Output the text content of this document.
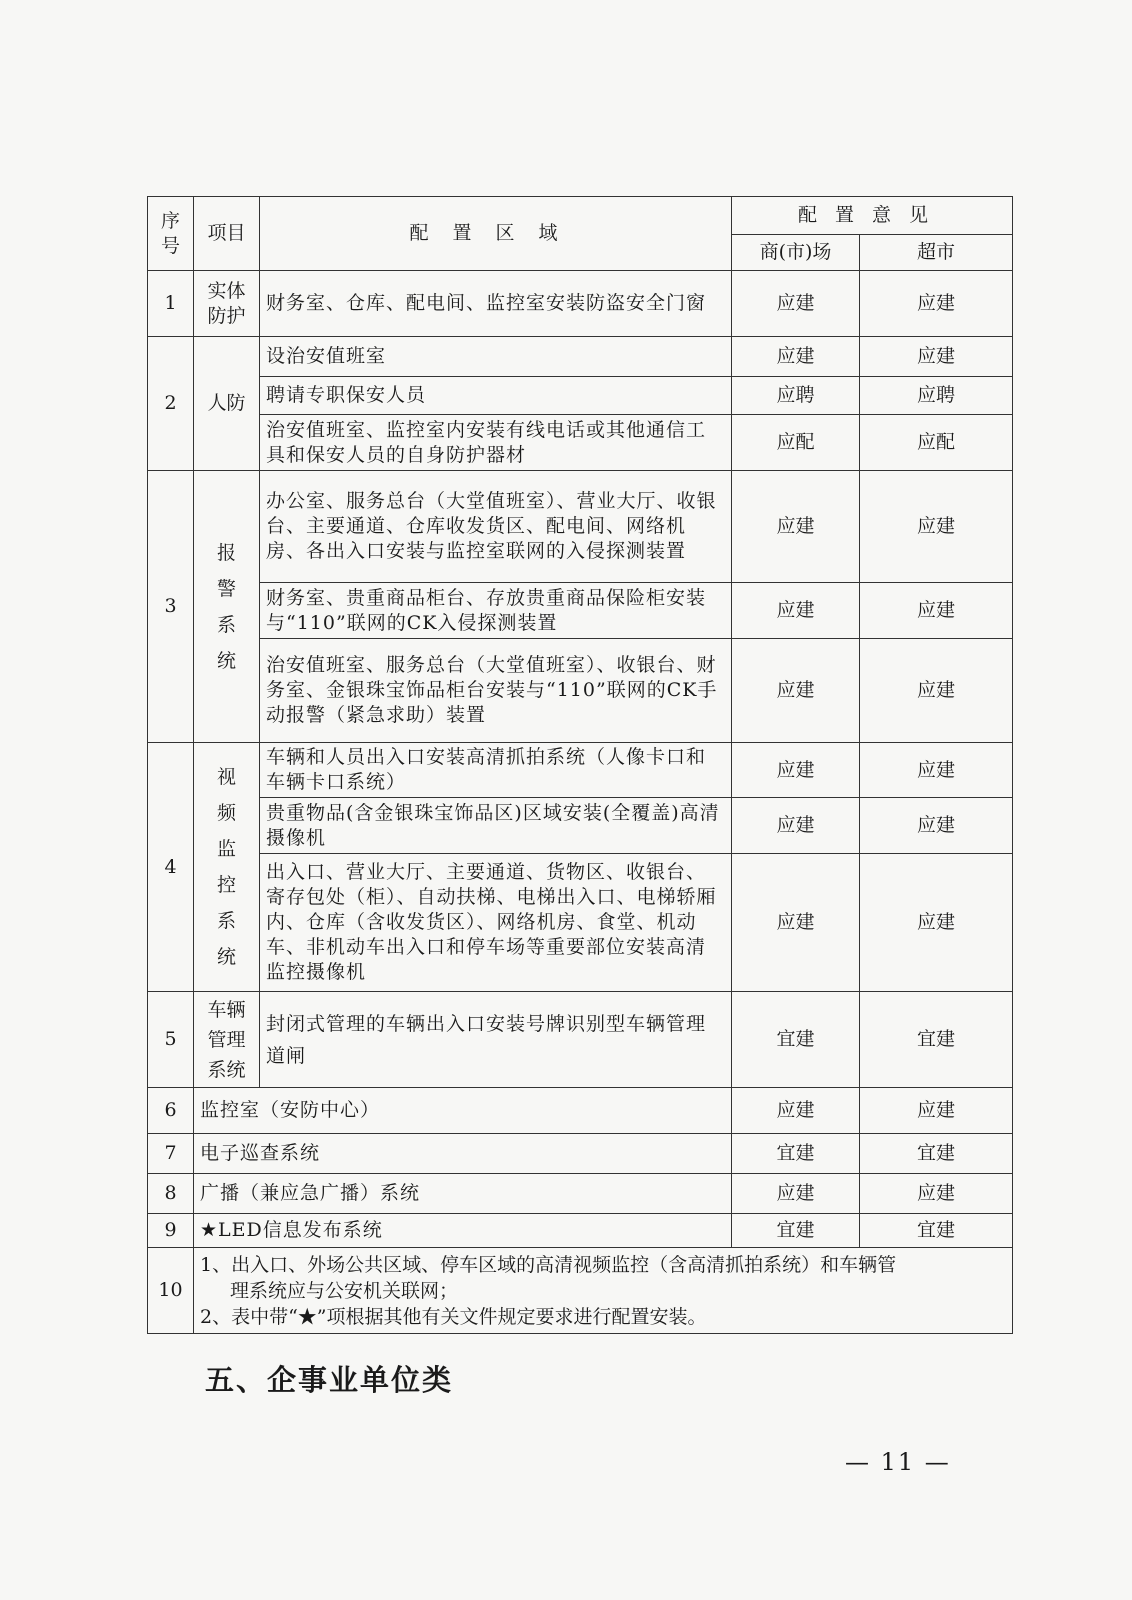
序号	项目	配置区域	配置意见	
			商(市)场	超市
1	实体防护	财务室、仓库、配电间、监控室安装防盗安全门窗	应建	应建
2	人防	设治安值班室	应建	应建
		聘请专职保安人员	应聘	应聘
		治安值班室、监控室内安装有线电话或其他通信工具和保安人员的自身防护器材	应配	应配
3	报警系统	办公室、服务总台（大堂值班室）、营业大厅、收银台、主要通道、仓库收发货区、配电间、网络机房、各出入口安装与监控室联网的入侵探测装置	应建	应建
		财务室、贵重商品柜台、存放贵重商品保险柜安装与“110”联网的CK入侵探测装置	应建	应建
		治安值班室、服务总台（大堂值班室）、收银台、财务室、金银珠宝饰品柜台安装与“110”联网的CK手动报警（紧急求助）装置	应建	应建
4	视频监控系统	车辆和人员出入口安装高清抓拍系统（人像卡口和车辆卡口系统）	应建	应建
		贵重物品(含金银珠宝饰品区)区域安装(全覆盖)高清摄像机	应建	应建
		出入口、营业大厅、主要通道、货物区、收银台、寄存包处（柜）、自动扶梯、电梯出入口、电梯轿厢内、仓库（含收发货区）、网络机房、食堂、机动车、非机动车出入口和停车场等重要部位安装高清监控摄像机	应建	应建
5	车辆管理系统	封闭式管理的车辆出入口安装号牌识别型车辆管理道闸	宜建	宜建
6	监控室（安防中心）		应建	应建
7	电子巡查系统		宜建	宜建
8	广播（兼应急广播）系统		应建	应建
9	★LED信息发布系统		宜建	宜建
10	1、出入口、外场公共区域、停车区域的高清视频监控（含高清抓拍系统）和车辆管
理系统应与公安机关联网；
2、表中带“★”项根据其他有关文件规定要求进行配置安装。			
五、企事业单位类
— 11 —
